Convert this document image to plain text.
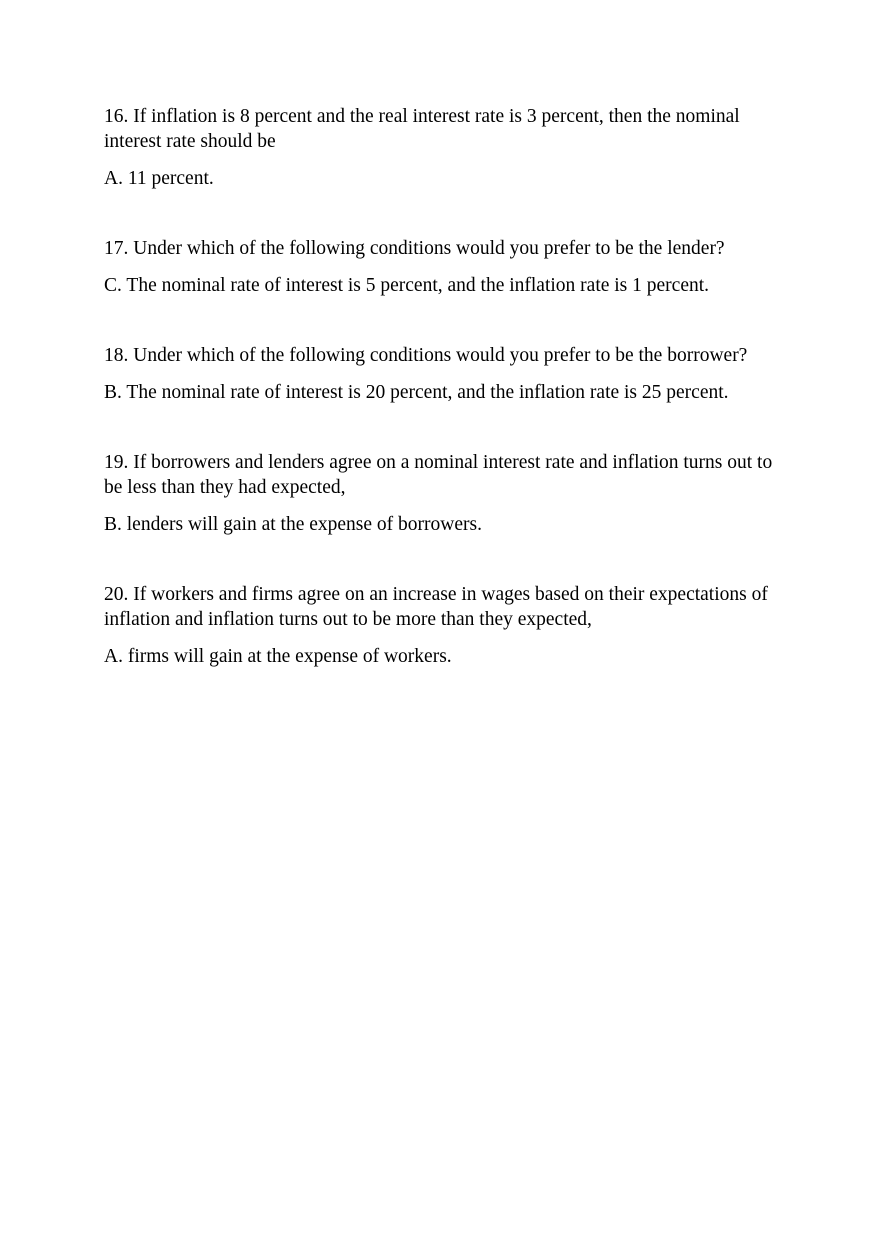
16. If inflation is 8 percent and the real interest rate is 3 percent, then the nominal interest rate should be

A. 11 percent.

17. Under which of the following conditions would you prefer to be the lender?

C. The nominal rate of interest is 5 percent, and the inflation rate is 1 percent.

18. Under which of the following conditions would you prefer to be the borrower?

B. The nominal rate of interest is 20 percent, and the inflation rate is 25 percent.

19. If borrowers and lenders agree on a nominal interest rate and inflation turns out to be less than they had expected,

B. lenders will gain at the expense of borrowers.

20. If workers and firms agree on an increase in wages based on their expectations of inflation and inflation turns out to be more than they expected,

A. firms will gain at the expense of workers.
